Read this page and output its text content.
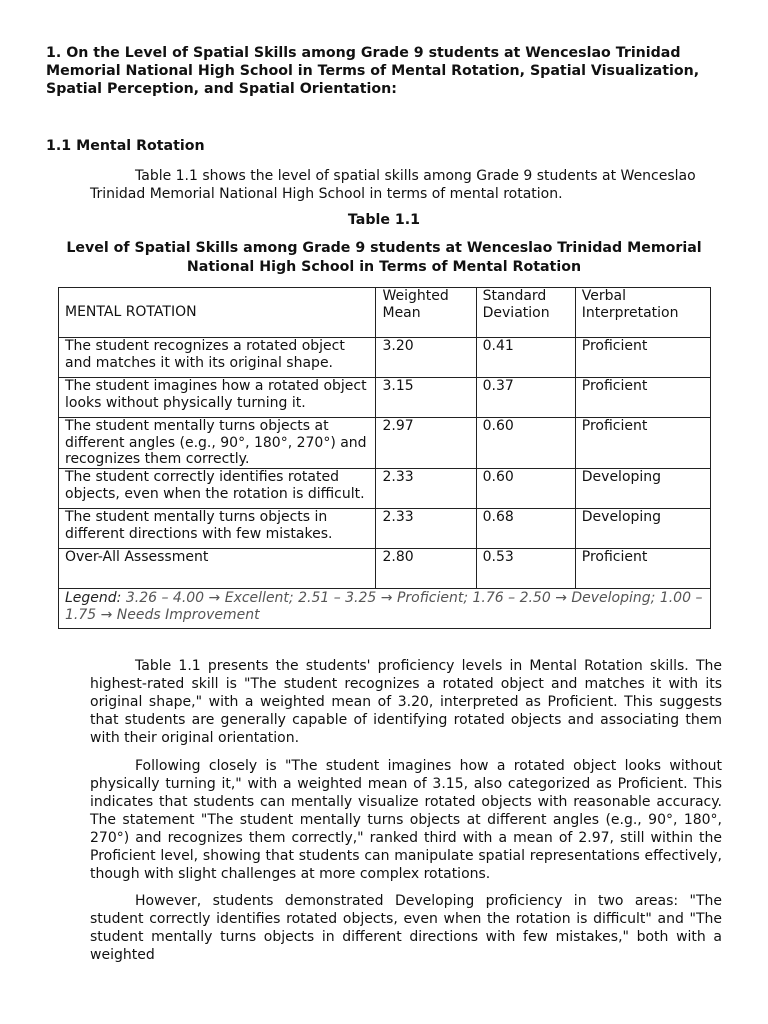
1. On the Level of Spatial Skills among Grade 9 students at Wenceslao Trinidad Memorial National High School in Terms of Mental Rotation, Spatial Visualization, Spatial Perception, and Spatial Orientation:
1.1 Mental Rotation
Table 1.1 shows the level of spatial skills among Grade 9 students at Wenceslao Trinidad Memorial National High School in terms of mental rotation.
Table 1.1
Level of Spatial Skills among Grade 9 students at Wenceslao Trinidad Memorial National High School in Terms of Mental Rotation
MENTAL ROTATION	Weighted Mean	Standard Deviation	Verbal Interpretation
The student recognizes a rotated object and matches it with its original shape.	3.20	0.41	Proficient
The student imagines how a rotated object looks without physically turning it.	3.15	0.37	Proficient
The student mentally turns objects at different angles (e.g., 90°, 180°, 270°) and recognizes them correctly.	2.97	0.60	Proficient
The student correctly identifies rotated objects, even when the rotation is difficult.	2.33	0.60	Developing
The student mentally turns objects in different directions with few mistakes.	2.33	0.68	Developing
Over-All Assessment	2.80	0.53	Proficient
Legend: 3.26 – 4.00 → Excellent; 2.51 – 3.25 → Proficient; 1.76 – 2.50 → Developing; 1.00 – 1.75 → Needs Improvement			
Table 1.1 presents the students' proficiency levels in Mental Rotation skills. The highest-rated skill is "The student recognizes a rotated object and matches it with its original shape," with a weighted mean of 3.20, interpreted as Proficient. This suggests that students are generally capable of identifying rotated objects and associating them with their original orientation.
Following closely is "The student imagines how a rotated object looks without physically turning it," with a weighted mean of 3.15, also categorized as Proficient. This indicates that students can mentally visualize rotated objects with reasonable accuracy. The statement "The student mentally turns objects at different angles (e.g., 90°, 180°, 270°) and recognizes them correctly," ranked third with a mean of 2.97, still within the Proficient level, showing that students can manipulate spatial representations effectively, though with slight challenges at more complex rotations.
However, students demonstrated Developing proficiency in two areas: "The student correctly identifies rotated objects, even when the rotation is difficult" and "The student mentally turns objects in different directions with few mistakes," both with a weighted
